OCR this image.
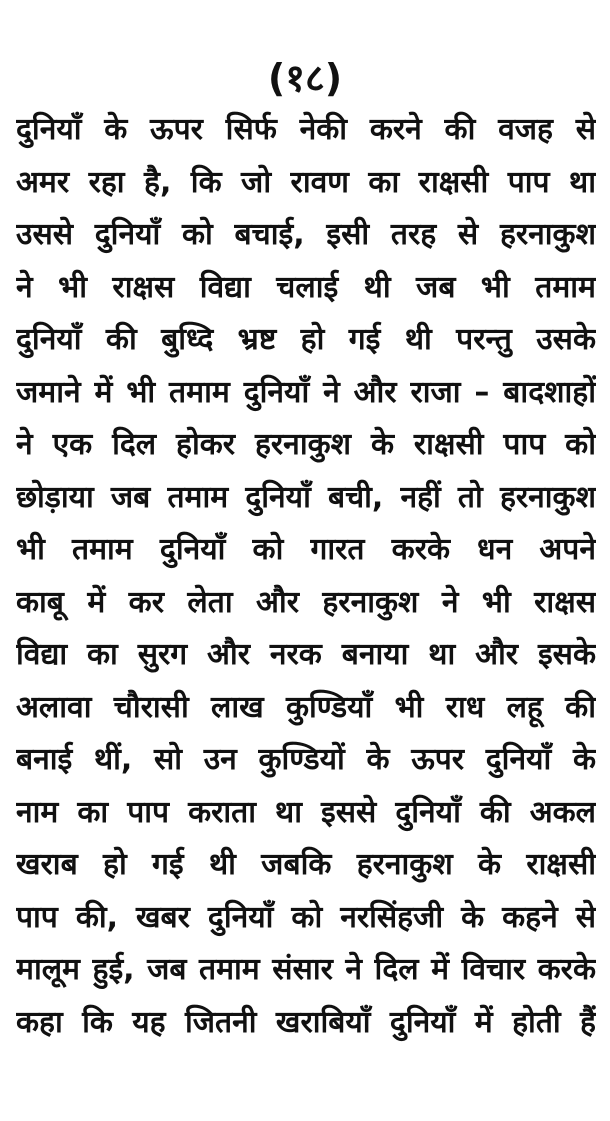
(१८)
दुनियाँ के ऊपर सिर्फ नेकी करने की वजह से
अमर रहा है, कि जो रावण का राक्षसी पाप था
उससे दुनियाँ को बचाई, इसी तरह से हरनाकुश
ने भी राक्षस विद्या चलाई थी जब भी तमाम
दुनियाँ की बुध्दि भ्रष्ट हो गई थी परन्तु उसके
जमाने में भी तमाम दुनियाँ ने और राजा – बादशाहों
ने एक दिल होकर हरनाकुश के राक्षसी पाप को
छोड़ाया जब तमाम दुनियाँ बची, नहीं तो हरनाकुश
भी तमाम दुनियाँ को गारत करके धन अपने
काबू में कर लेता और हरनाकुश ने भी राक्षस
विद्या का सुरग और नरक बनाया था और इसके
अलावा चौरासी लाख कुण्डियाँ भी राध लहू की
बनाई थीं, सो उन कुण्डियों के ऊपर दुनियाँ के
नाम का पाप कराता था इससे दुनियाँ की अकल
खराब हो गई थी जबकि हरनाकुश के राक्षसी
पाप की, खबर दुनियाँ को नरसिंहजी के कहने से
मालूम हुई, जब तमाम संसार ने दिल में विचार करके
कहा कि यह जितनी खराबियाँ दुनियाँ में होती हैं
